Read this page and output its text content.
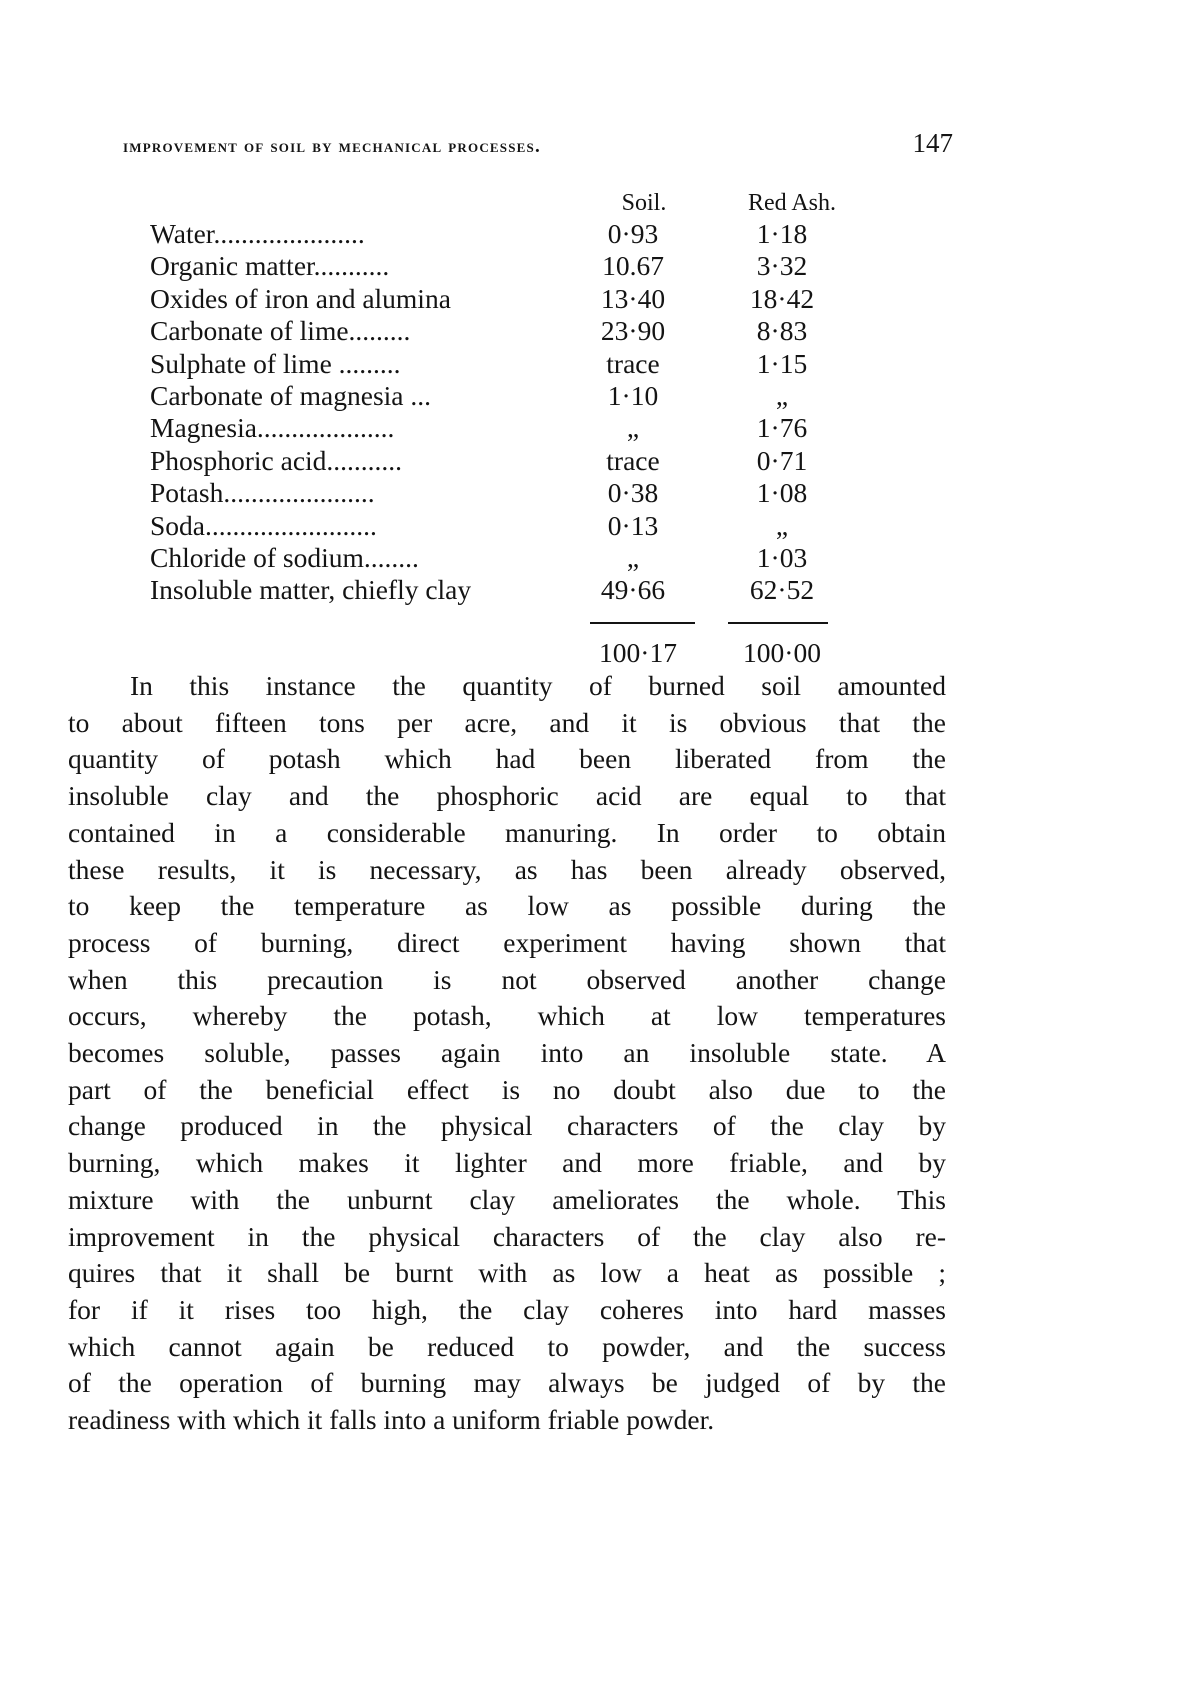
improvement of soil by mechanical processes.	147
Soil.	Red Ash.
Water......................	0·93	1·18
Organic matter...........	10.67	3·32
Oxides of iron and alumina	13·40	18·42
Carbonate of lime.........	23·90	8·83
Sulphate of lime .........	trace	1·15
Carbonate of magnesia ...	1·10	„
Magnesia....................	„	1·76
Phosphoric acid...........	trace	0·71
Potash......................	0·38	1·08
Soda.........................	0·13	„
Chloride of sodium........	„	1·03
Insoluble matter, chiefly clay	49·66	62·52
100·17	100·00
In this instance the quantity of burned soil amounted
to about fifteen tons per acre, and it is obvious that the
quantity of potash which had been liberated from the
insoluble clay and the phosphoric acid are equal to that
contained in a considerable manuring. In order to obtain
these results, it is necessary, as has been already observed,
to keep the temperature as low as possible during the
process of burning, direct experiment having shown that
when this precaution is not observed another change
occurs, whereby the potash, which at low temperatures
becomes soluble, passes again into an insoluble state. A
part of the beneficial effect is no doubt also due to the
change produced in the physical characters of the clay by
burning, which makes it lighter and more friable, and by
mixture with the unburnt clay ameliorates the whole. This
improvement in the physical characters of the clay also re-
quires that it shall be burnt with as low a heat as possible ;
for if it rises too high, the clay coheres into hard masses
which cannot again be reduced to powder, and the success
of the operation of burning may always be judged of by the
readiness with which it falls into a uniform friable powder.
